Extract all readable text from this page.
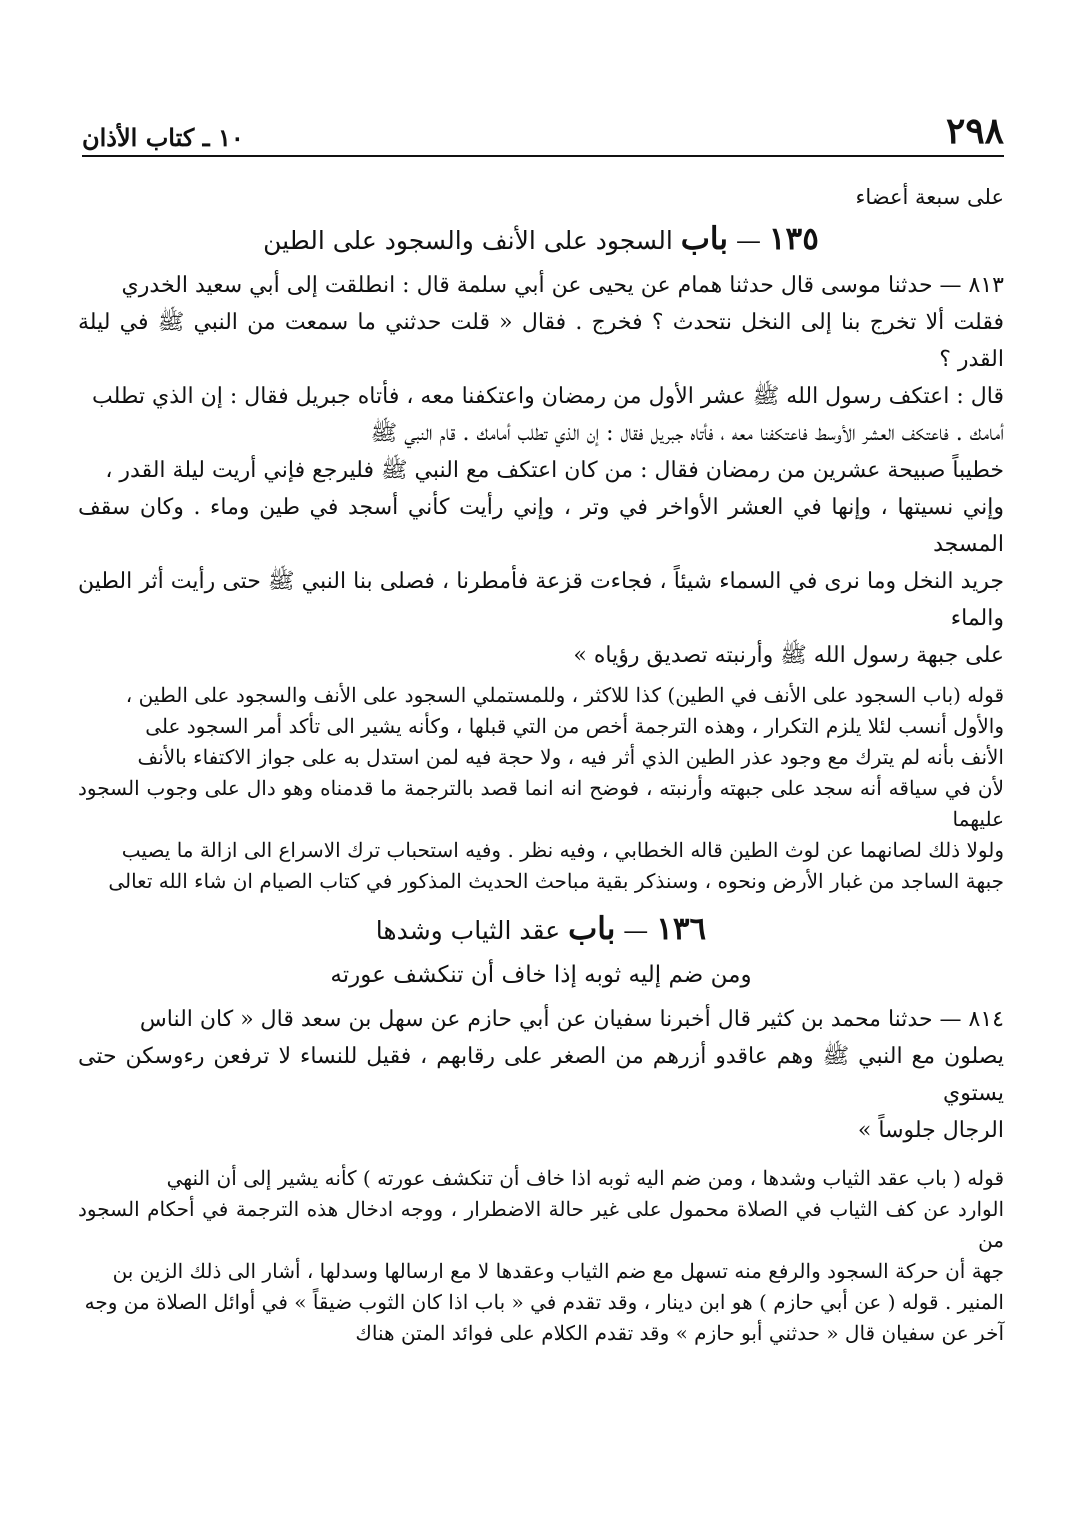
٢٩٨
١٠ ـ كتاب الأذان

على سبعة أعضاء

١٣٥ — باب السجود على الأنف والسجود على الطين

٨١٣ — حدثنا موسى قال حدثنا همام عن يحيى عن أبي سلمة قال : انطلقت إلى أبي سعيد الخدري

فقلت ألا تخرج بنا إلى النخل نتحدث ؟ فخرج . فقال « قلت حدثني ما سمعت من النبي ﷺ في ليلة القدر ؟

قال : اعتكف رسول الله ﷺ عشر الأول من رمضان واعتكفنا معه ، فأتاه جبريل فقال : إن الذي تطلب

أمامك . فاعتكف العشر الأوسط فاعتكفنا معه ، فأتاه جبريل فقال : إن الذي تطلب أمامك . قام النبي ﷺ

خطيباً صبيحة عشرين من رمضان فقال : من كان اعتكف مع النبي ﷺ فليرجع فإني أريت ليلة القدر ،

وإني نسيتها ، وإنها في العشر الأواخر في وتر ، وإني رأيت كأني أسجد في طين وماء . وكان سقف المسجد

جريد النخل وما نرى في السماء شيئاً ، فجاءت قزعة فأمطرنا ، فصلى بنا النبي ﷺ حتى رأيت أثر الطين والماء

على جبهة رسول الله ﷺ وأرنبته تصديق رؤياه »

قوله (باب السجود على الأنف في الطين) كذا للاكثر ، وللمستملي السجود على الأنف والسجود على الطين ،

والأول أنسب لئلا يلزم التكرار ، وهذه الترجمة أخص من التي قبلها ، وكأنه يشير الى تأكد أمر السجود على

الأنف بأنه لم يترك مع وجود عذر الطين الذي أثر فيه ، ولا حجة فيه لمن استدل به على جواز الاكتفاء بالأنف

لأن في سياقه أنه سجد على جبهته وأرنبته ، فوضح انه انما قصد بالترجمة ما قدمناه وهو دال على وجوب السجود عليهما

ولولا ذلك لصانهما عن لوث الطين قاله الخطابي ، وفيه نظر . وفيه استحباب ترك الاسراع الى ازالة ما يصيب

جبهة الساجد من غبار الأرض ونحوه ، وسنذكر بقية مباحث الحديث المذكور في كتاب الصيام ان شاء الله تعالى

١٣٦ — باب عقد الثياب وشدها
ومن ضم إليه ثوبه إذا خاف أن تنكشف عورته

٨١٤ — حدثنا محمد بن كثير قال أخبرنا سفيان عن أبي حازم عن سهل بن سعد قال « كان الناس

يصلون مع النبي ﷺ وهم عاقدو أزرهم من الصغر على رقابهم ، فقيل للنساء لا ترفعن رءوسكن حتى يستوي

الرجال جلوساً »

قوله ( باب عقد الثياب وشدها ، ومن ضم اليه ثوبه اذا خاف أن تنكشف عورته ) كأنه يشير إلى أن النهي

الوارد عن كف الثياب في الصلاة محمول على غير حالة الاضطرار ، ووجه ادخال هذه الترجمة في أحكام السجود من

جهة أن حركة السجود والرفع منه تسهل مع ضم الثياب وعقدها لا مع ارسالها وسدلها ، أشار الى ذلك الزين بن

المنير . قوله ( عن أبي حازم ) هو ابن دينار ، وقد تقدم في « باب اذا كان الثوب ضيقاً » في أوائل الصلاة من وجه

آخر عن سفيان قال « حدثني أبو حازم » وقد تقدم الكلام على فوائد المتن هناك
